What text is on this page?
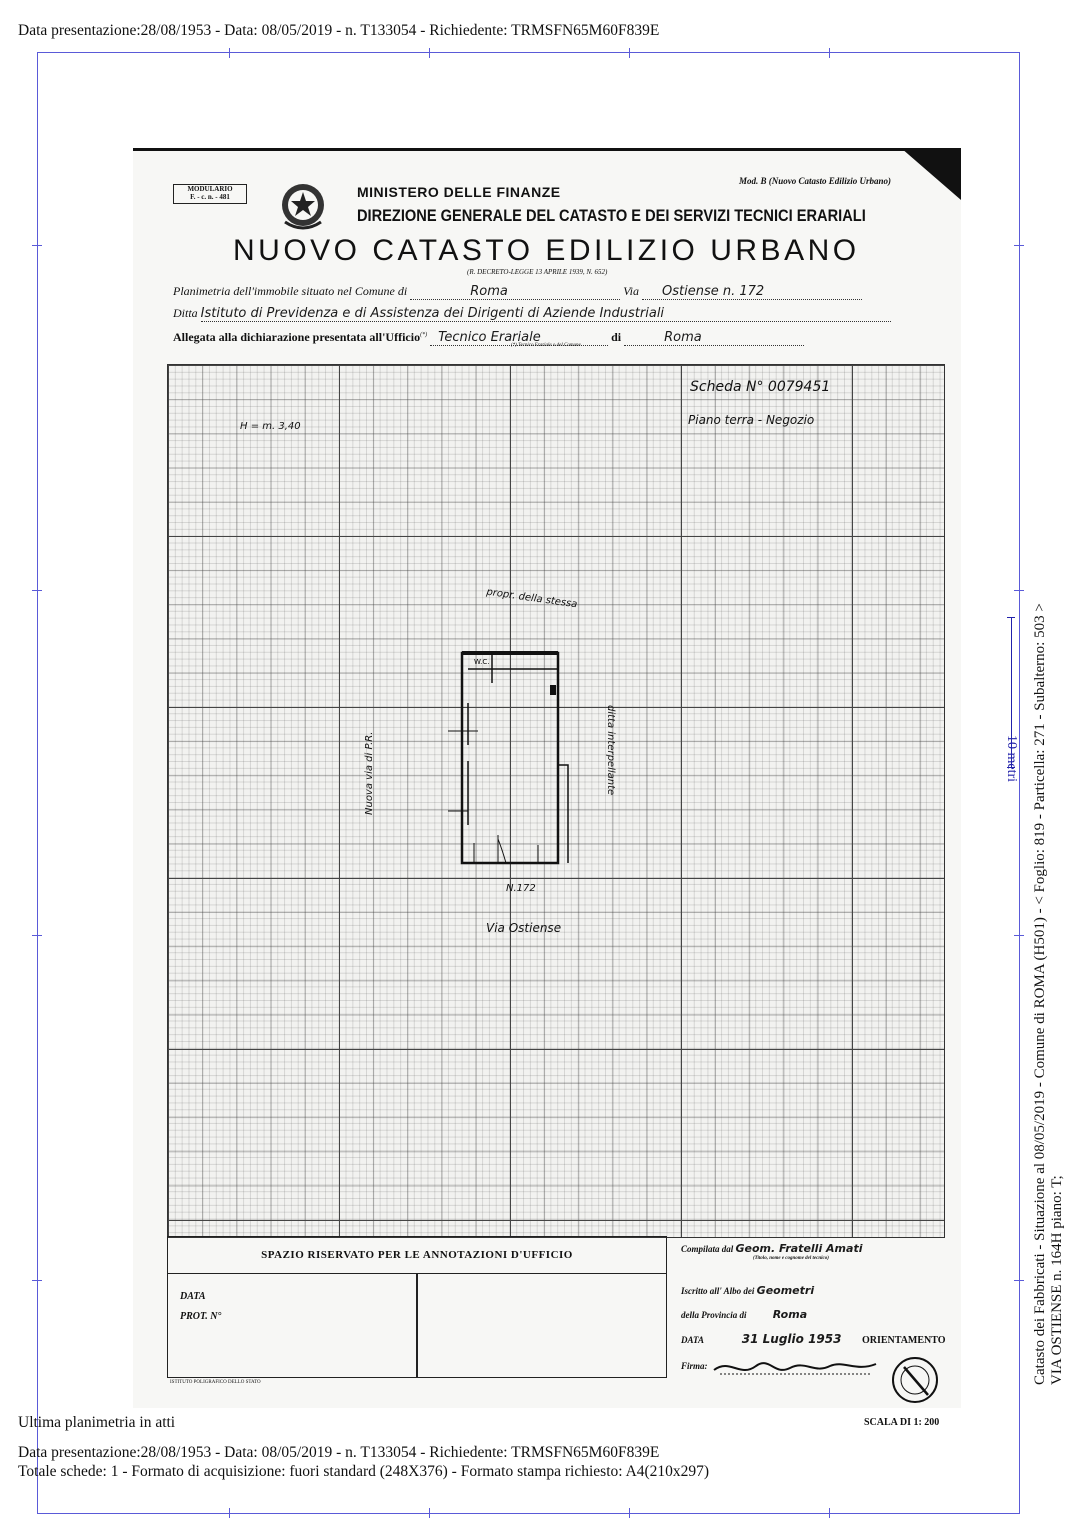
Data presentazione:28/08/1953 - Data: 08/05/2019 - n. T133054 - Richiedente: TRMSFN65M60F839E
10 metri Catasto dei Fabbricati - Situazione al 08/05/2019 - Comune di ROMA (H501) - < Foglio: 819 - Particella: 271 - Subalterno: 503 > VIA OSTIENSE n. 164H piano: T;
MODULARIO
F. - c. n. - 481
Mod. B (Nuovo Catasto Edilizio Urbano)
MINISTERO DELLE FINANZE
DIREZIONE GENERALE DEL CATASTO E DEI SERVIZI TECNICI ERARIALI
NUOVO CATASTO EDILIZIO URBANO
(R. DECRETO-LEGGE 13 APRILE 1939, N. 652)
Planimetria dell'immobile situato nel Comune di	Roma	Via Ostiense n. 172
Ditta Istituto di Previdenza e di Assistenza dei Dirigenti di Aziende Industriali
Allegata alla dichiarazione presentata all'Ufficio(*) Tecnico Erariale	di	Roma
(*) Tecnico Erariale o del Comune
Scheda N° 0079451
Piano terra - Negozio
H = m. 3,40
propr. della stessa
ditta interpellante
Nuova via di P.R.
W.C.
N.172
Via Ostiense
ORIENTAMENTO
SCALA DI 1: 200
SPAZIO RISERVATO PER LE ANNOTAZIONI D'UFFICIO
DATA
PROT. N°
Compilata dal Geom. Fratelli Amati
(Titolo, nome e cognome del tecnico)
Iscritto all' Albo dei Geometri
della Provincia di Roma
DATA	31 Luglio 1953
Firma:
ISTITUTO POLIGRAFICO DELLO STATO
Ultima planimetria in atti
Data presentazione:28/08/1953 - Data: 08/05/2019 - n. T133054 - Richiedente: TRMSFN65M60F839E
Totale schede: 1 - Formato di acquisizione: fuori standard (248X376) - Formato stampa richiesto: A4(210x297)
